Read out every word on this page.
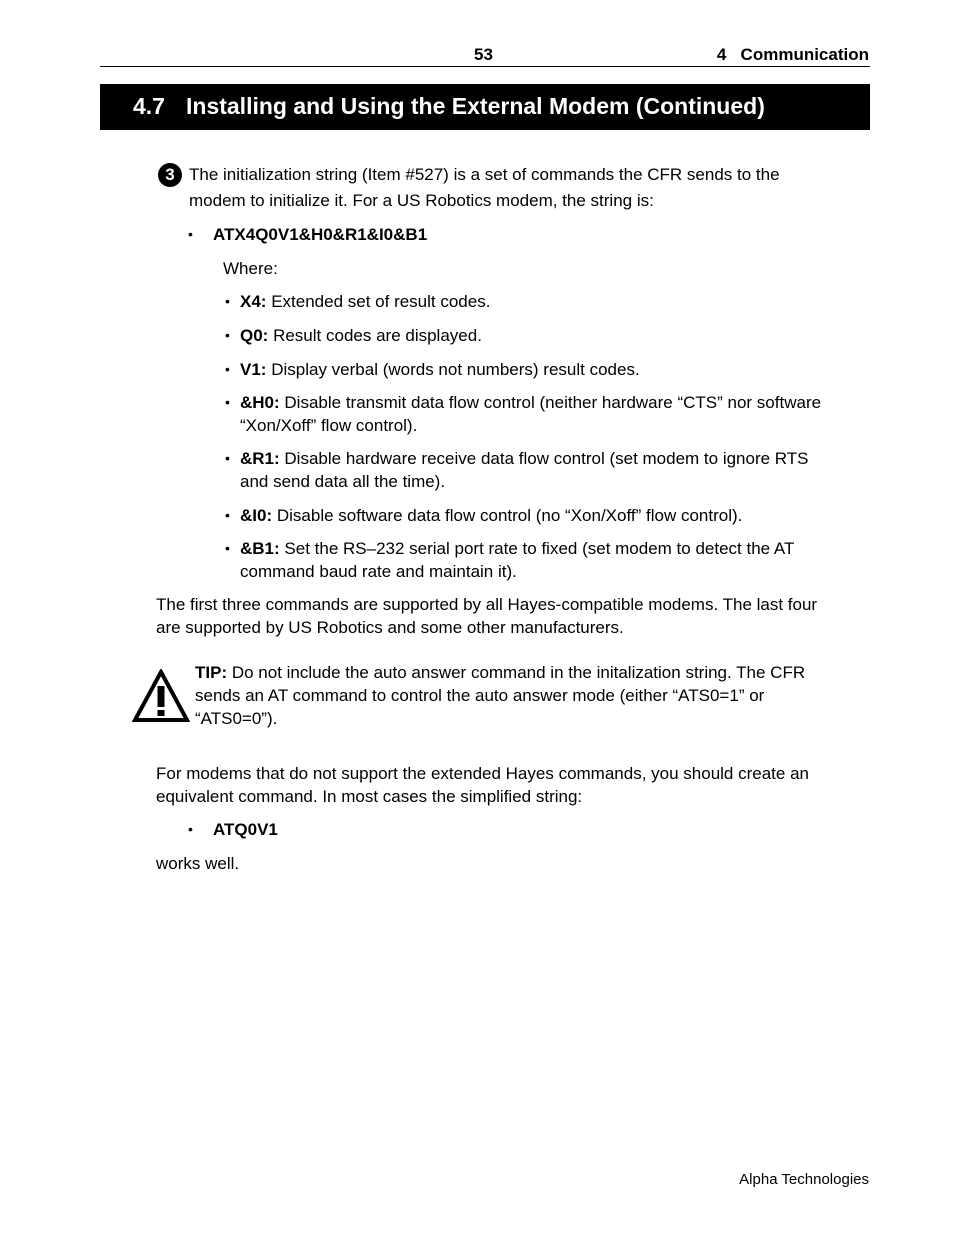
53	4   Communication
4.7 Installing and Using the External Modem (Continued)
3 The initialization string (Item #527) is a set of commands the CFR sends to the
modem to initialize it. For a US Robotics modem, the string is:
• ATX4Q0V1&H0&R1&I0&B1
Where:
• X4: Extended set of result codes.
• Q0: Result codes are displayed.
• V1: Display verbal (words not numbers) result codes.
• &H0: Disable transmit data flow control (neither hardware “CTS” nor software
“Xon/Xoff” flow control).
• &R1: Disable hardware receive data flow control (set modem to ignore RTS
and send data all the time).
• &I0: Disable software data flow control (no “Xon/Xoff” flow control).
• &B1: Set the RS–232 serial port rate to fixed (set modem to detect the AT
command baud rate and maintain it).
The first three commands are supported by all Hayes-compatible modems. The last four
are supported by US Robotics and some other manufacturers.
TIP: Do not include the auto answer command in the initalization string. The CFR
sends an AT command to control the auto answer mode (either “ATS0=1” or
“ATS0=0”).
For modems that do not support the extended Hayes commands, you should create an
equivalent command. In most cases the simplified string:
• ATQ0V1
works well.
Alpha Technologies
